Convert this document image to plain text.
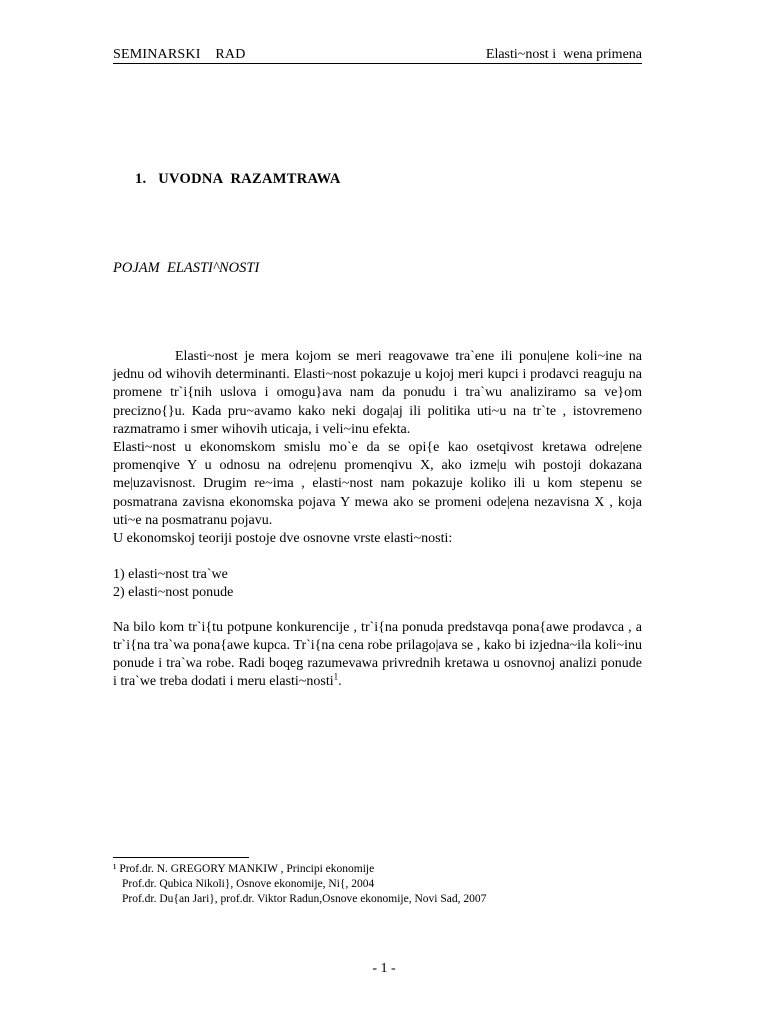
SEMINARSKI    RAD

	Elasti~nost i  wena primena

1.   UVODNA  RAZAMTRAWA
POJAM  ELASTI^NOSTI

Elasti~nost je mera kojom se meri reagovawe tra`ene ili ponu|ene koli~ine na jednu od wihovih determinanti. Elasti~nost pokazuje u kojoj meri kupci i prodavci reaguju na promene tr`i{nih uslova i omogu}ava nam da ponudu i tra`wu analiziramo sa ve}om precizno{}u. Kada pru~avamo kako neki doga|aj ili politika uti~u na tr`te , istovremeno razmatramo i smer wihovih uticaja, i veli~inu efekta.

Elasti~nost u ekonomskom smislu mo`e da se opi{e kao osetqivost kretawa odre|ene promenqive Y u odnosu na odre|enu promenqivu X, ako izme|u wih postoji dokazana me|uzavisnost. Drugim re~ima , elasti~nost nam pokazuje koliko ili u kom stepenu se posmatrana zavisna ekonomska pojava Y mewa ako se promeni ode|ena nezavisna X , koja uti~e na posmatranu pojavu.

U ekonomskoj teoriji postoje dve osnovne vrste elasti~nosti:

1) elasti~nost tra`we

2) elasti~nost ponude

Na bilo kom tr`i{tu potpune konkurencije , tr`i{na ponuda predstavqa pona{awe prodavca , a tr`i{na tra`wa pona{awe kupca. Tr`i{na cena robe prilago|ava se , kako bi izjedna~ila koli~inu ponude i tra`wa robe. Radi boqeg razumevawa privrednih kretawa u osnovnoj analizi ponude i tra`we treba dodati i meru elasti~nosti$^1$.

¹ Prof.dr. N. GREGORY MANKIW , Principi ekonomije

Prof.dr. Qubica Nikoli}, Osnove ekonomije, Ni{, 2004

Prof.dr. Du{an Jari}, prof.dr. Viktor Radun,Osnove ekonomije, Novi Sad, 2007

- 1 -
